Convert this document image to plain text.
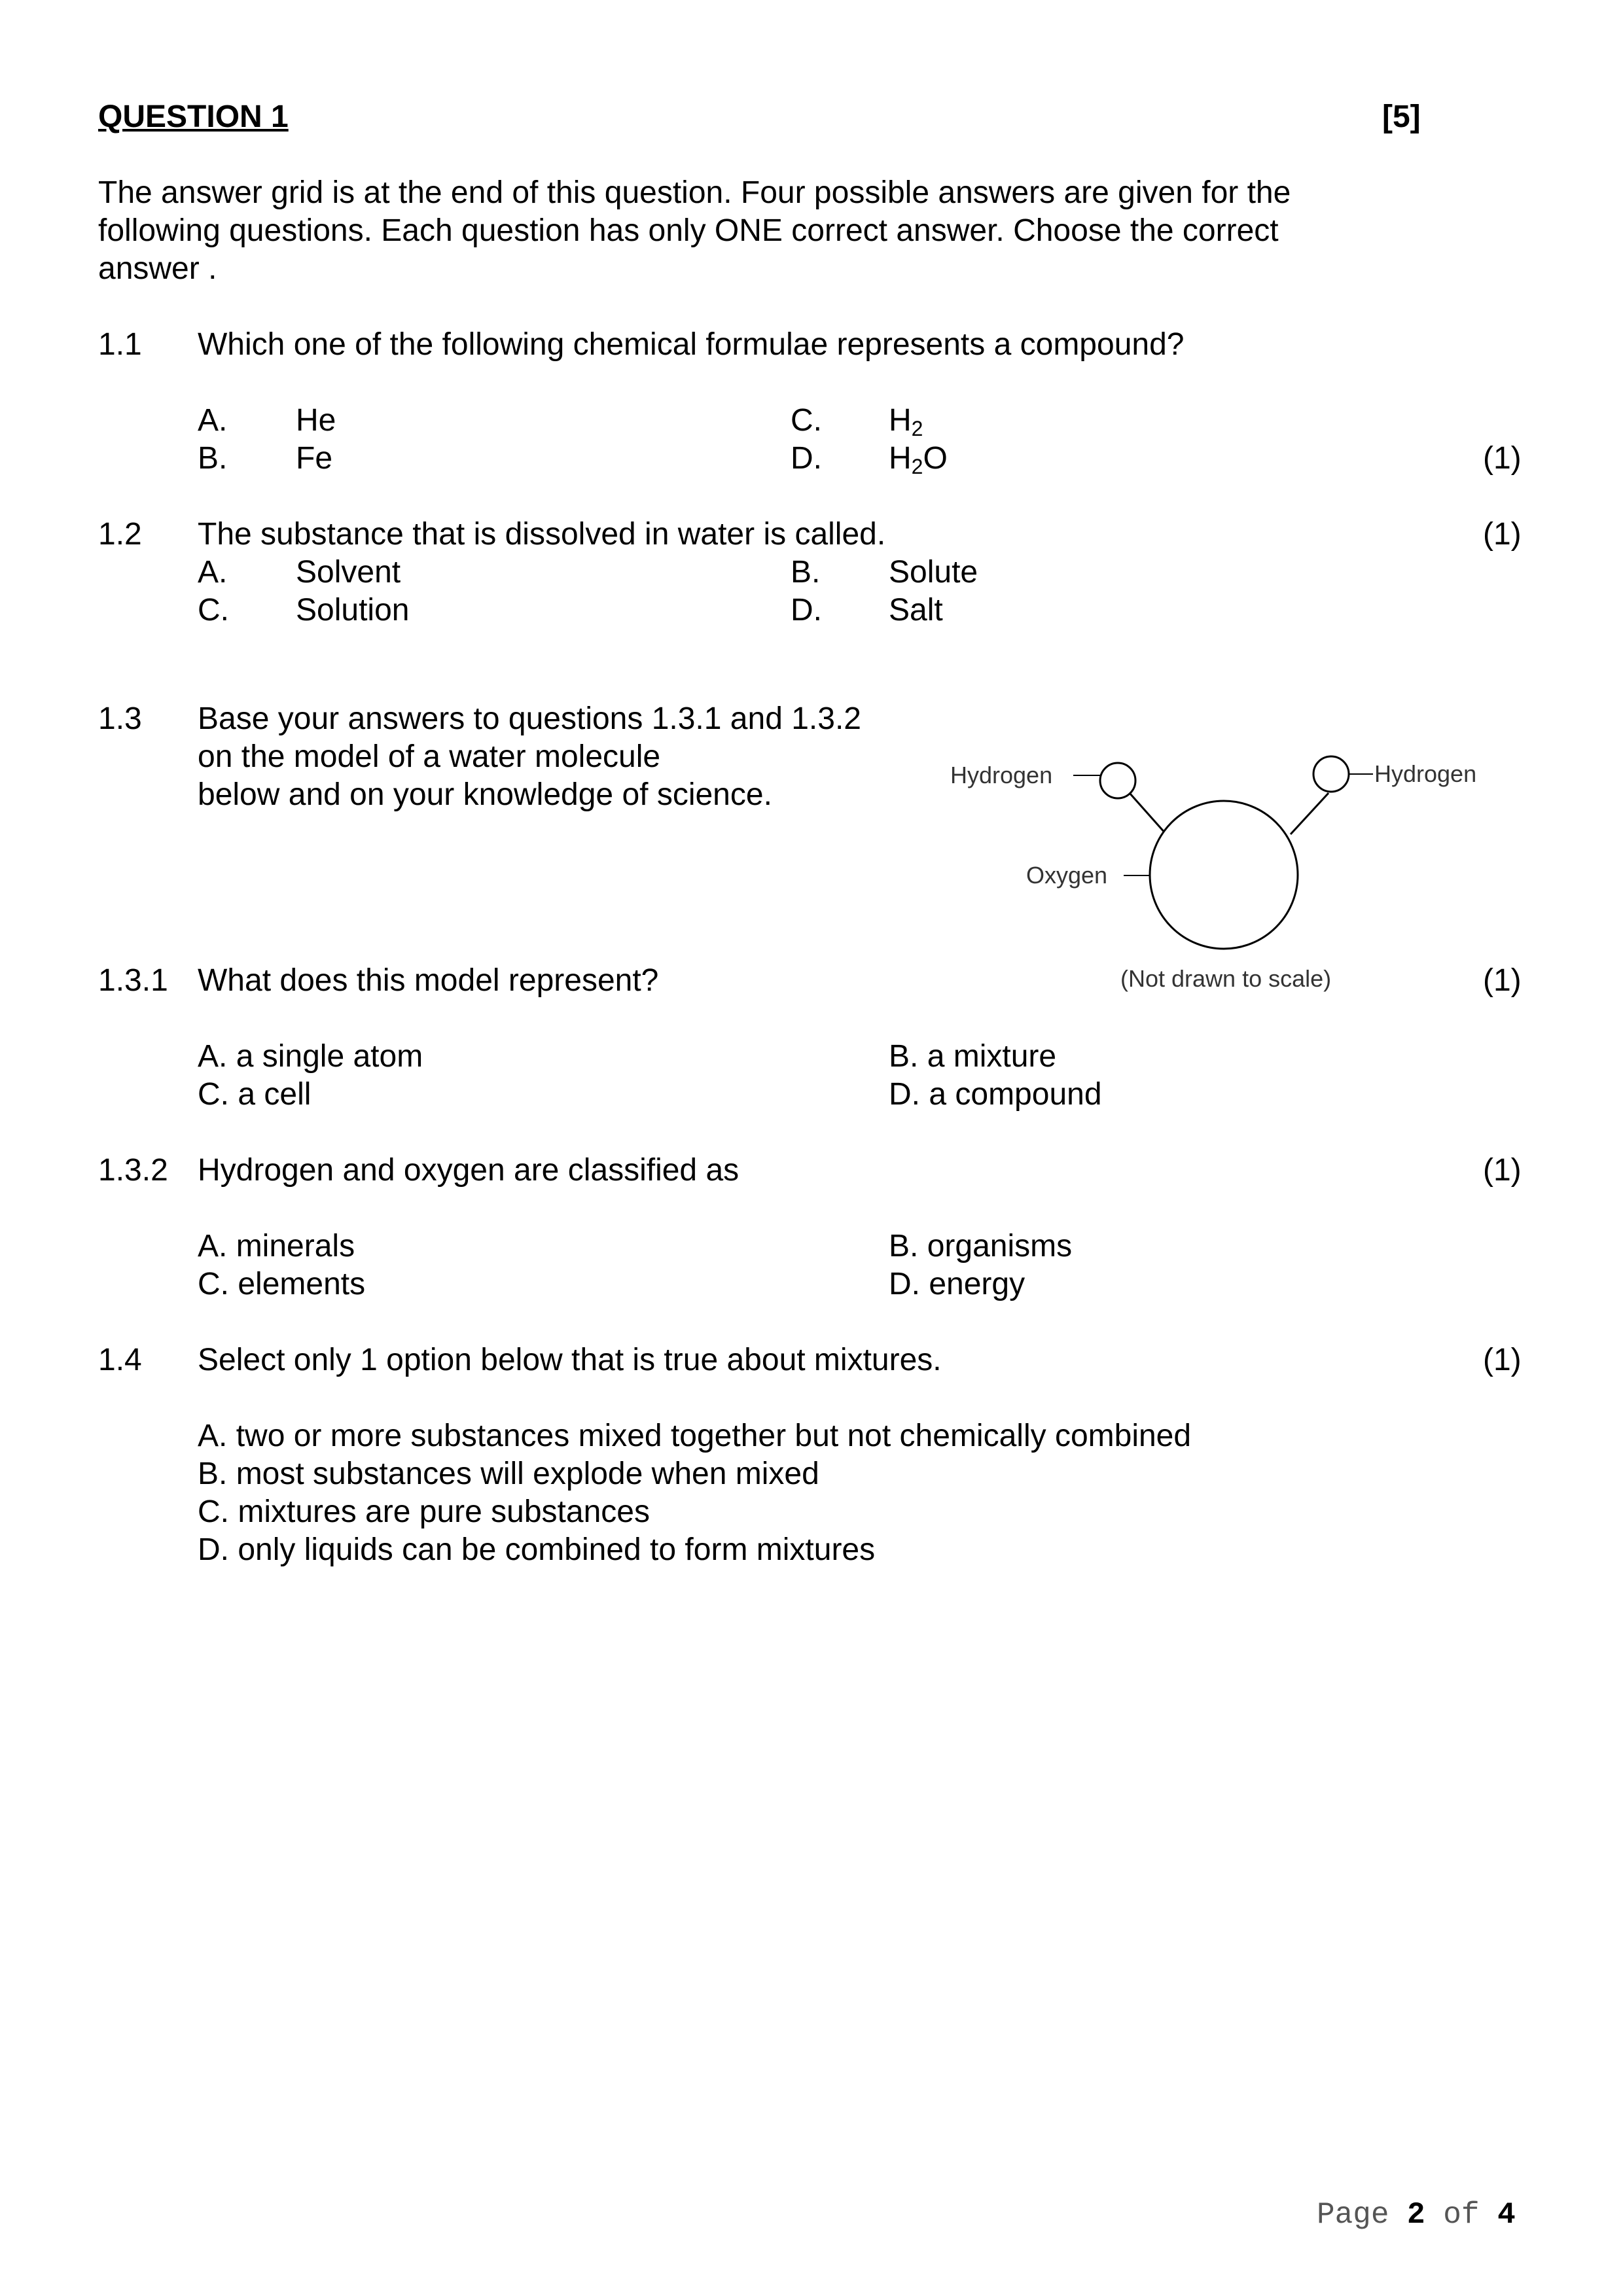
QUESTION 1	[5]
The answer grid is at the end of this question. Four possible answers are given for the
following questions. Each question has only ONE correct answer. Choose the correct
answer .
1.1 Which one of the following chemical formulae represents a compound?
A. He	C. $H_2$
B. Fe	D. $H_2O$	(1)
1.2 The substance that is dissolved in water is called.	(1)
A. Solvent	B. Solute
C. Solution	D. Salt
1.3 Base your answers to questions 1.3.1 and 1.3.2
on the model of a water molecule
below and on your knowledge of science.
Hydrogen	Hydrogen
Oxygen
(Not drawn to scale)
1.3.1 What does this model represent?	(1)
A. a single atom	B. a mixture
C. a cell	D. a compound
1.3.2 Hydrogen and oxygen are classified as	(1)
A. minerals	B. organisms
C. elements	D. energy
1.4 Select only 1 option below that is true about mixtures.	(1)
A. two or more substances mixed together but not chemically combined
B. most substances will explode when mixed
C. mixtures are pure substances
D. only liquids can be combined to form mixtures
Page 2 of 4
